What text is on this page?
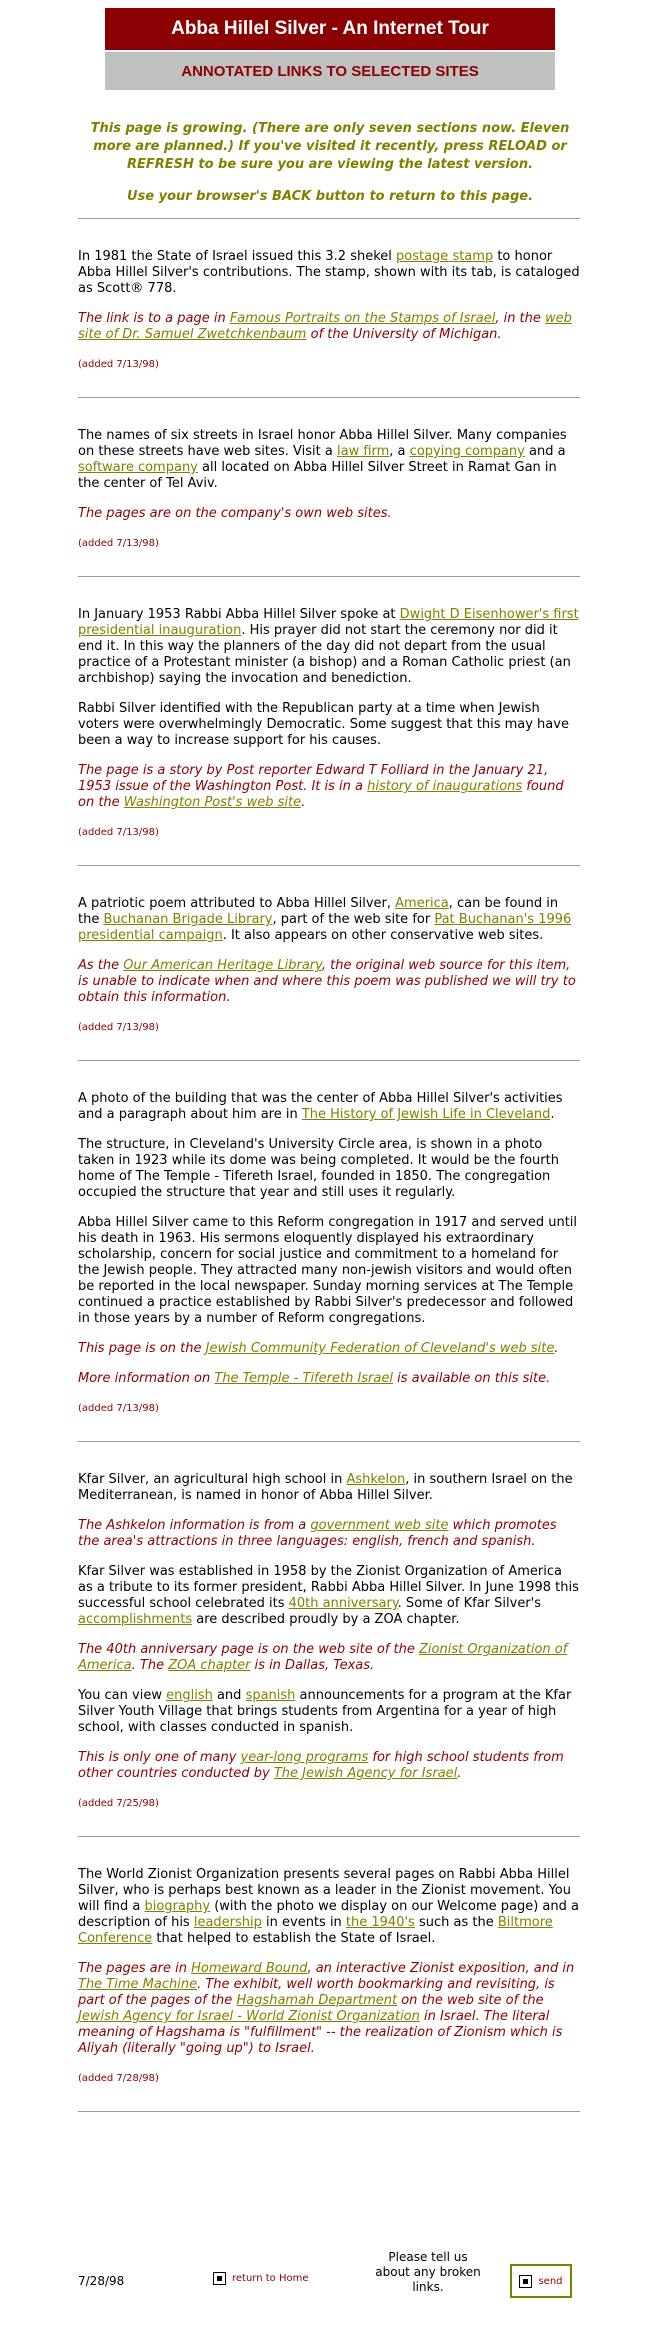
Abba Hillel Silver - An Internet Tour
ANNOTATED LINKS TO SELECTED SITES

This page is growing. (There are only seven sections now. Eleven more are planned.) If you've visited it recently, press RELOAD or REFRESH to be sure you are viewing the latest version.

Use your browser's BACK button to return to this page.

In 1981 the State of Israel issued this 3.2 shekel postage stamp to honor Abba Hillel Silver's contributions. The stamp, shown with its tab, is cataloged as Scott® 778.

The link is to a page in Famous Portraits on the Stamps of Israel, in the web site of Dr. Samuel Zwetchkenbaum of the University of Michigan.

(added 7/13/98)

The names of six streets in Israel honor Abba Hillel Silver. Many companies on these streets have web sites. Visit a law firm, a copying company and a software company all located on Abba Hillel Silver Street in Ramat Gan in the center of Tel Aviv.

The pages are on the company's own web sites.

(added 7/13/98)

In January 1953 Rabbi Abba Hillel Silver spoke at Dwight D Eisenhower's first presidential inauguration. His prayer did not start the ceremony nor did it end it. In this way the planners of the day did not depart from the usual practice of a Protestant minister (a bishop) and a Roman Catholic priest (an archbishop) saying the invocation and benediction.

Rabbi Silver identified with the Republican party at a time when Jewish voters were overwhelmingly Democratic. Some suggest that this may have been a way to increase support for his causes.

The page is a story by Post reporter Edward T Folliard in the January 21, 1953 issue of the Washington Post. It is in a history of inaugurations found on the Washington Post's web site.

(added 7/13/98)

A patriotic poem attributed to Abba Hillel Silver, America, can be found in the Buchanan Brigade Library, part of the web site for Pat Buchanan's 1996 presidential campaign. It also appears on other conservative web sites.

As the Our American Heritage Library, the original web source for this item, is unable to indicate when and where this poem was published we will try to obtain this information.

(added 7/13/98)

A photo of the building that was the center of Abba Hillel Silver's activities and a paragraph about him are in The History of Jewish Life in Cleveland.

The structure, in Cleveland's University Circle area, is shown in a photo taken in 1923 while its dome was being completed. It would be the fourth home of The Temple - Tifereth Israel, founded in 1850. The congregation occupied the structure that year and still uses it regularly.

Abba Hillel Silver came to this Reform congregation in 1917 and served until his death in 1963. His sermons eloquently displayed his extraordinary scholarship, concern for social justice and commitment to a homeland for the Jewish people. They attracted many non-jewish visitors and would often be reported in the local newspaper. Sunday morning services at The Temple continued a practice established by Rabbi Silver's predecessor and followed in those years by a number of Reform congregations.

This page is on the Jewish Community Federation of Cleveland's web site.

More information on The Temple - Tifereth Israel is available on this site.

(added 7/13/98)

Kfar Silver, an agricultural high school in Ashkelon, in southern Israel on the Mediterranean, is named in honor of Abba Hillel Silver.

The Ashkelon information is from a government web site which promotes the area's attractions in three languages: english, french and spanish.

Kfar Silver was established in 1958 by the Zionist Organization of America as a tribute to its former president, Rabbi Abba Hillel Silver. In June 1998 this successful school celebrated its 40th anniversary. Some of Kfar Silver's accomplishments are described proudly by a ZOA chapter.

The 40th anniversary page is on the web site of the Zionist Organization of America. The ZOA chapter is in Dallas, Texas.

You can view english and spanish announcements for a program at the Kfar Silver Youth Village that brings students from Argentina for a year of high school, with classes conducted in spanish.

This is only one of many year-long programs for high school students from other countries conducted by The Jewish Agency for Israel.

(added 7/25/98)

The World Zionist Organization presents several pages on Rabbi Abba Hillel Silver, who is perhaps best known as a leader in the Zionist movement. You will find a biography (with the photo we display on our Welcome page) and a description of his leadership in events in the 1940's such as the Biltmore Conference that helped to establish the State of Israel.

The pages are in Homeward Bound, an interactive Zionist exposition, and in The Time Machine. The exhibit, well worth bookmarking and revisiting, is part of the pages of the Hagshamah Department on the web site of the Jewish Agency for Israel - World Zionist Organization in Israel. The literal meaning of Hagshama is "fulfillment" -- the realization of Zionism which is Aliyah (literally "going up") to Israel.

(added 7/28/98)
7/28/98	return to Home
Please tell us about any broken links.	send
